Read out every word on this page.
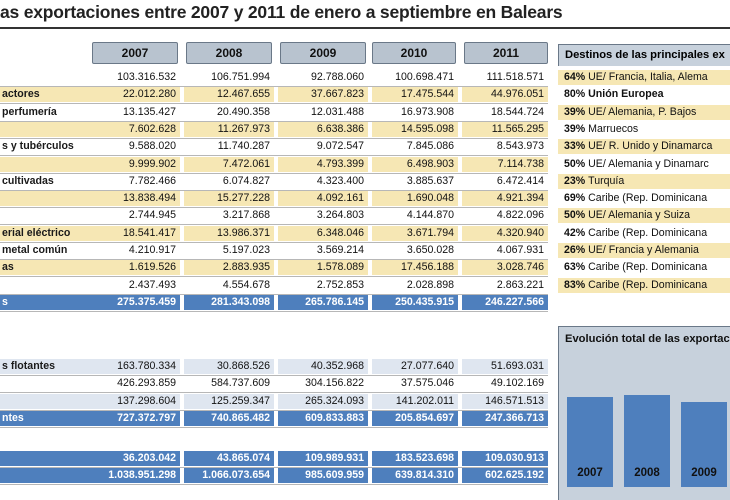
as exportaciones entre 2007 y 2011 de enero a septiembre en Balears
2007	2008	2009	2010	2011
103.316.532	106.751.994	92.788.060	100.698.471	111.518.571
actores	22.012.280	12.467.655	37.667.823	17.475.544	44.976.051
perfumería	13.135.427	20.490.358	12.031.488	16.973.908	18.544.724
7.602.628	11.267.973	6.638.386	14.595.098	11.565.295
s y tubérculos	9.588.020	11.740.287	9.072.547	7.845.086	8.543.973
9.999.902	7.472.061	4.793.399	6.498.903	7.114.738
cultivadas	7.782.466	6.074.827	4.323.400	3.885.637	6.472.414
13.838.494	15.277.228	4.092.161	1.690.048	4.921.394
2.744.945	3.217.868	3.264.803	4.144.870	4.822.096
erial eléctrico	18.541.417	13.986.371	6.348.046	3.671.794	4.320.940
metal común	4.210.917	5.197.023	3.569.214	3.650.028	4.067.931
as	1.619.526	2.883.935	1.578.089	17.456.188	3.028.746
2.437.493	4.554.678	2.752.853	2.028.898	2.863.221
s	275.375.459	281.343.098	265.786.145	250.435.915	246.227.566
s flotantes	163.780.334	30.868.526	40.352.968	27.077.640	51.693.031
426.293.859	584.737.609	304.156.822	37.575.046	49.102.169
137.298.604	125.259.347	265.324.093	141.202.011	146.571.513
ntes	727.372.797	740.865.482	609.833.883	205.854.697	247.366.713
36.203.042	43.865.074	109.989.931	183.523.698	109.030.913
1.038.951.298	1.066.073.654	985.609.959	639.814.310	602.625.192
Destinos de las principales ex
64% UE/ Francia, Italia, Alema
80% Unión Europea
39% UE/ Alemania, P. Bajos
39% Marruecos
33% UE/ R. Unido y Dinamarca
50% UE/ Alemania y Dinamarc
23% Turquía
69% Caribe (Rep. Dominicana
50% UE/ Alemania y Suiza
42% Caribe (Rep. Dominicana
26% UE/ Francia y Alemania
63% Caribe (Rep. Dominicana
83% Caribe (Rep. Dominicana
Evolución total de las exportac
2007	2008	2009
